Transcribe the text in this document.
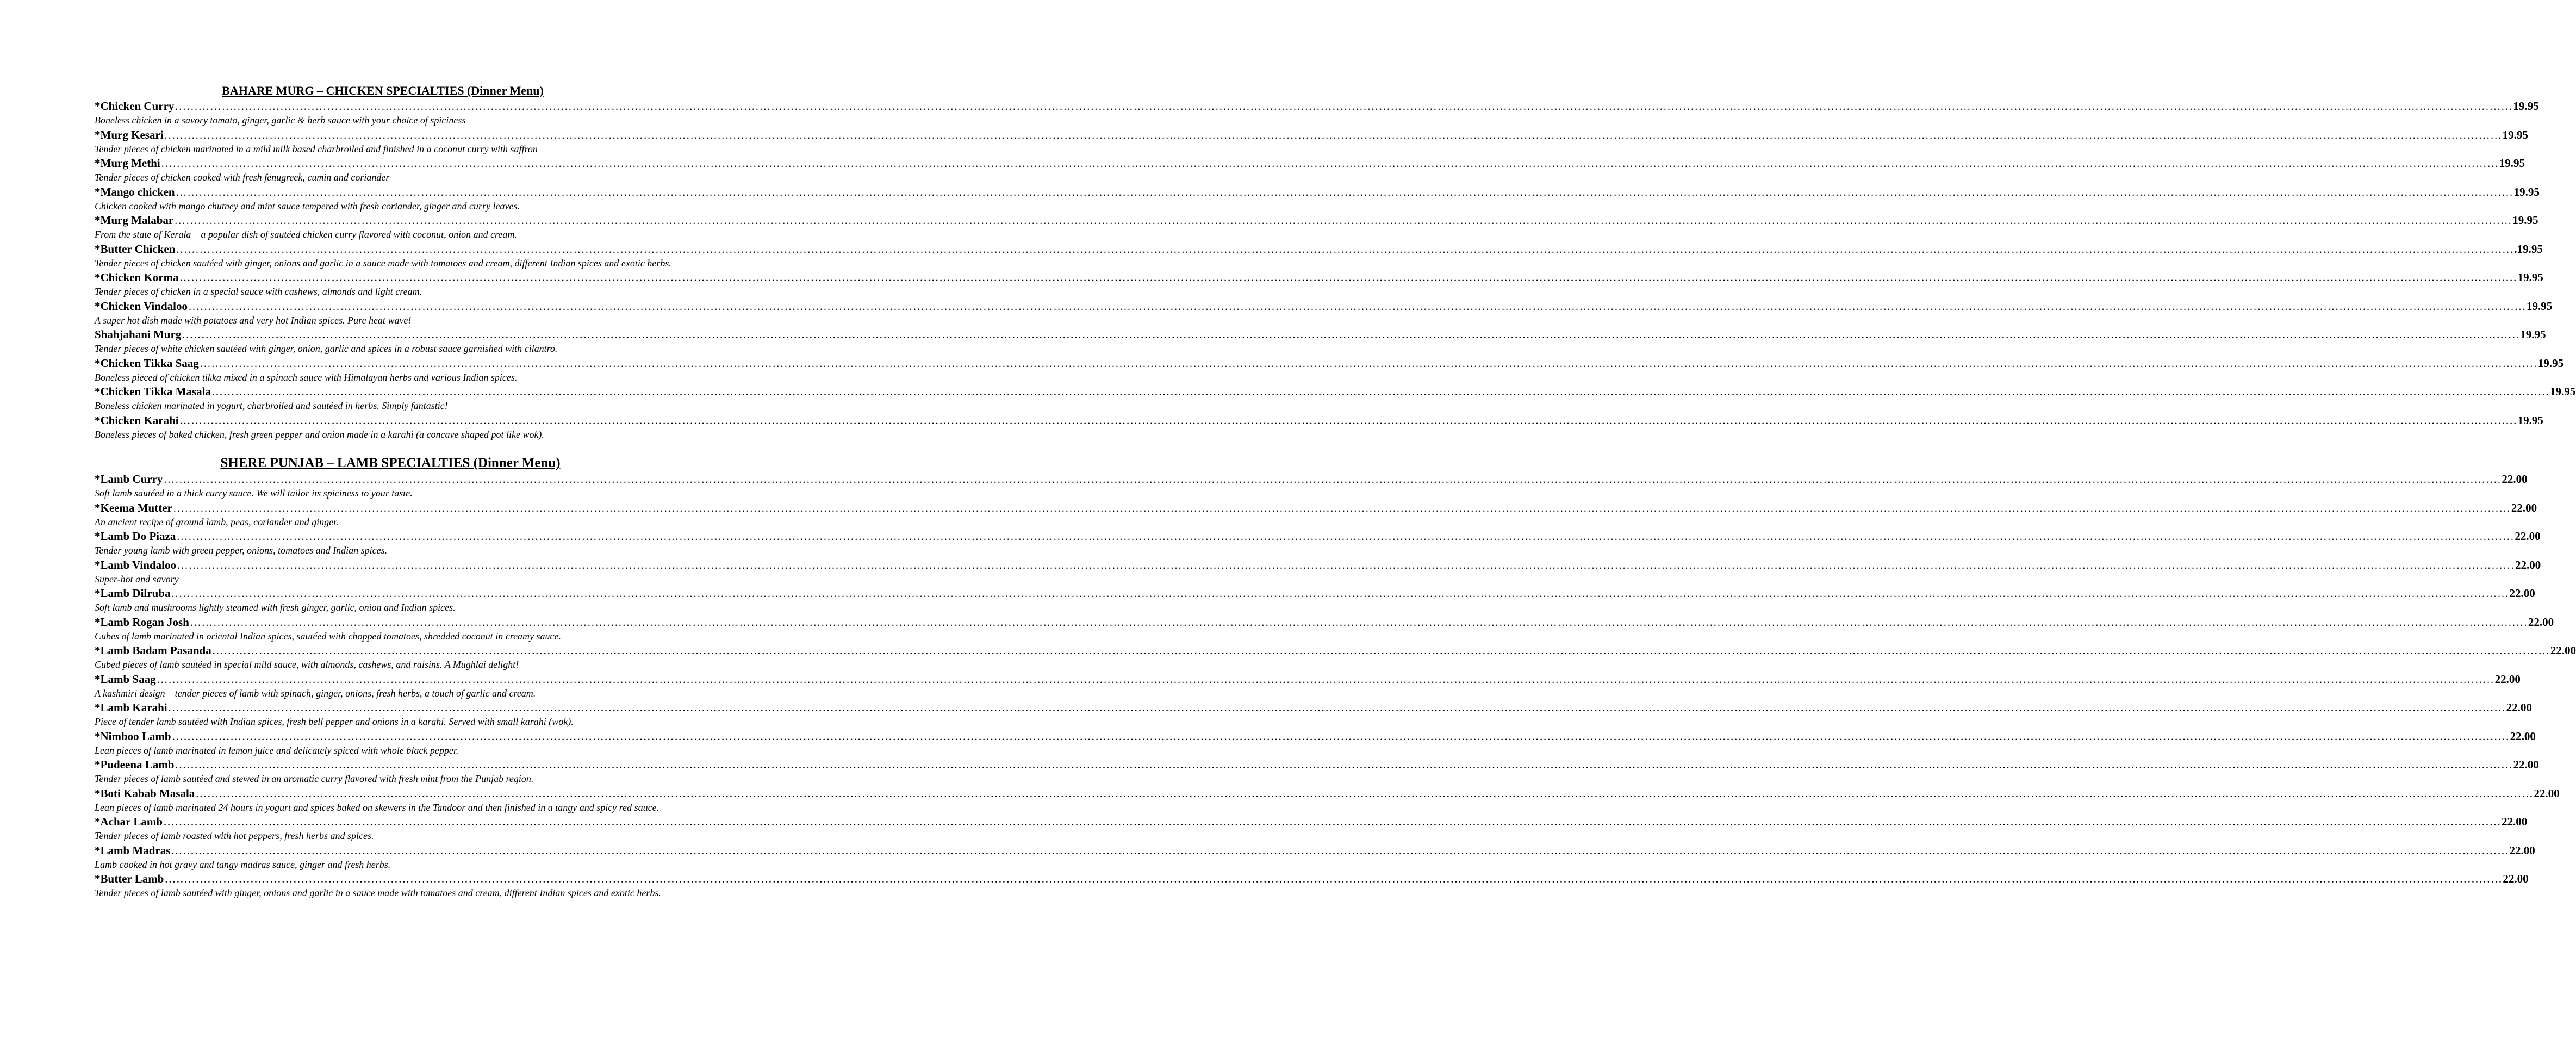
BAHARE MURG – CHICKEN SPECIALTIES (Dinner Menu)
*Chicken Curry …………………………………………………………………………………………………………………………………………………………………………………………………………………………………………………………………………………………………………………………………………………………………………………………………………………………………………………………………………………………………………………………………………………… 19.95

Boneless chicken in a savory tomato, ginger, garlic & herb sauce with your choice of spiciness

*Murg Kesari …………………………………………………………………………………………………………………………………………………………………………………………………………………………………………………………………………………………………………………………………………………………………………………………………………………………………………………………………………………………………………………………………………………… 19.95

Tender pieces of chicken marinated in a mild milk based charbroiled and finished in a coconut curry with saffron

*Murg Methi …………………………………………………………………………………………………………………………………………………………………………………………………………………………………………………………………………………………………………………………………………………………………………………………………………………………………………………………………………………………………………………………………………………… 19.95

Tender pieces of chicken cooked with fresh fenugreek, cumin and coriander

*Mango chicken …………………………………………………………………………………………………………………………………………………………………………………………………………………………………………………………………………………………………………………………………………………………………………………………………………………………………………………………………………………………………………………………………………………… 19.95

Chicken cooked with mango chutney and mint sauce tempered with fresh coriander, ginger and curry leaves.

*Murg Malabar …………………………………………………………………………………………………………………………………………………………………………………………………………………………………………………………………………………………………………………………………………………………………………………………………………………………………………………………………………………………………………………………………………………… 19.95

From the state of Kerala – a popular dish of sautéed chicken curry flavored with coconut, onion and cream.

*Butter Chicken …………………………………………………………………………………………………………………………………………………………………………………………………………………………………………………………………………………………………………………………………………………………………………………………………………………………………………………………………………………………………………………………………………………… .19.95

Tender pieces of chicken sautéed with ginger, onions and garlic in a sauce made with tomatoes and cream, different Indian spices and exotic herbs.

*Chicken Korma …………………………………………………………………………………………………………………………………………………………………………………………………………………………………………………………………………………………………………………………………………………………………………………………………………………………………………………………………………………………………………………………………………………… 19.95

Tender pieces of chicken in a special sauce with cashews, almonds and light cream.

*Chicken Vindaloo …………………………………………………………………………………………………………………………………………………………………………………………………………………………………………………………………………………………………………………………………………………………………………………………………………………………………………………………………………………………………………………………………………………… 19.95

A super hot dish made with potatoes and very hot Indian spices. Pure heat wave!

Shahjahani Murg …………………………………………………………………………………………………………………………………………………………………………………………………………………………………………………………………………………………………………………………………………………………………………………………………………………………………………………………………………………………………………………………………………………… 19.95

Tender pieces of white chicken sautéed with ginger, onion, garlic and spices in a robust sauce garnished with cilantro.

*Chicken Tikka Saag …………………………………………………………………………………………………………………………………………………………………………………………………………………………………………………………………………………………………………………………………………………………………………………………………………………………………………………………………………………………………………………………………………………… 19.95

Boneless pieced of chicken tikka mixed in a spinach sauce with Himalayan herbs and various Indian spices.

*Chicken Tikka Masala …………………………………………………………………………………………………………………………………………………………………………………………………………………………………………………………………………………………………………………………………………………………………………………………………………………………………………………………………………………………………………………………………………………… 19.95

Boneless chicken marinated in yogurt, charbroiled and sautéed in herbs. Simply fantastic!

*Chicken Karahi …………………………………………………………………………………………………………………………………………………………………………………………………………………………………………………………………………………………………………………………………………………………………………………………………………………………………………………………………………………………………………………………………………………… 19.95

Boneless pieces of baked chicken, fresh green pepper and onion made in a karahi (a concave shaped pot like wok).

SHERE PUNJAB – LAMB SPECIALTIES (Dinner Menu)
*Lamb Curry …………………………………………………………………………………………………………………………………………………………………………………………………………………………………………………………………………………………………………………………………………………………………………………………………………………………………………………………………………………………………………………………………………………… 22.00

Soft lamb sautéed in a thick curry sauce. We will tailor its spiciness to your taste.

*Keema Mutter …………………………………………………………………………………………………………………………………………………………………………………………………………………………………………………………………………………………………………………………………………………………………………………………………………………………………………………………………………………………………………………………………………………… 22.00

An ancient recipe of ground lamb, peas, coriander and ginger.

*Lamb Do Piaza …………………………………………………………………………………………………………………………………………………………………………………………………………………………………………………………………………………………………………………………………………………………………………………………………………………………………………………………………………………………………………………………………………………… 22.00

Tender young lamb with green pepper, onions, tomatoes and Indian spices.

*Lamb Vindaloo …………………………………………………………………………………………………………………………………………………………………………………………………………………………………………………………………………………………………………………………………………………………………………………………………………………………………………………………………………………………………………………………………………………… 22.00

Super-hot and savory

*Lamb Dilruba …………………………………………………………………………………………………………………………………………………………………………………………………………………………………………………………………………………………………………………………………………………………………………………………………………………………………………………………………………………………………………………………………………………… 22.00

Soft lamb and mushrooms lightly steamed with fresh ginger, garlic, onion and Indian spices.

*Lamb Rogan Josh …………………………………………………………………………………………………………………………………………………………………………………………………………………………………………………………………………………………………………………………………………………………………………………………………………………………………………………………………………………………………………………………………………………… 22.00

Cubes of lamb marinated in oriental Indian spices, sautéed with chopped tomatoes, shredded coconut in creamy sauce.

*Lamb Badam Pasanda …………………………………………………………………………………………………………………………………………………………………………………………………………………………………………………………………………………………………………………………………………………………………………………………………………………………………………………………………………………………………………………………………………………… 22.00

Cubed pieces of lamb sautéed in special mild sauce, with almonds, cashews, and raisins. A Mughlai delight!

*Lamb Saag …………………………………………………………………………………………………………………………………………………………………………………………………………………………………………………………………………………………………………………………………………………………………………………………………………………………………………………………………………………………………………………………………………………… 22.00

A kashmiri design – tender pieces of lamb with spinach, ginger, onions, fresh herbs, a touch of garlic and cream.

*Lamb Karahi …………………………………………………………………………………………………………………………………………………………………………………………………………………………………………………………………………………………………………………………………………………………………………………………………………………………………………………………………………………………………………………………………………………… 22.00

Piece of tender lamb sautéed with Indian spices, fresh bell pepper and onions in a karahi. Served with small karahi (wok).

*Nimboo Lamb …………………………………………………………………………………………………………………………………………………………………………………………………………………………………………………………………………………………………………………………………………………………………………………………………………………………………………………………………………………………………………………………………………………… 22.00

Lean pieces of lamb marinated in lemon juice and delicately spiced with whole black pepper.

*Pudeena Lamb …………………………………………………………………………………………………………………………………………………………………………………………………………………………………………………………………………………………………………………………………………………………………………………………………………………………………………………………………………………………………………………………………………………… 22.00

Tender pieces of lamb sautéed and stewed in an aromatic curry flavored with fresh mint from the Punjab region.

*Boti Kabab Masala …………………………………………………………………………………………………………………………………………………………………………………………………………………………………………………………………………………………………………………………………………………………………………………………………………………………………………………………………………………………………………………………………………………… 22.00

Lean pieces of lamb marinated 24 hours in yogurt and spices baked on skewers in the Tandoor and then finished in a tangy and spicy red sauce.

*Achar Lamb …………………………………………………………………………………………………………………………………………………………………………………………………………………………………………………………………………………………………………………………………………………………………………………………………………………………………………………………………………………………………………………………………………………… 22.00

Tender pieces of lamb roasted with hot peppers, fresh herbs and spices.

*Lamb Madras …………………………………………………………………………………………………………………………………………………………………………………………………………………………………………………………………………………………………………………………………………………………………………………………………………………………………………………………………………………………………………………………………………………… 22.00

Lamb cooked in hot gravy and tangy madras sauce, ginger and fresh herbs.

*Butter Lamb …………………………………………………………………………………………………………………………………………………………………………………………………………………………………………………………………………………………………………………………………………………………………………………………………………………………………………………………………………………………………………………………………………………… 22.00

Tender pieces of lamb sautéed with ginger, onions and garlic in a sauce made with tomatoes and cream, different Indian spices and exotic herbs.
